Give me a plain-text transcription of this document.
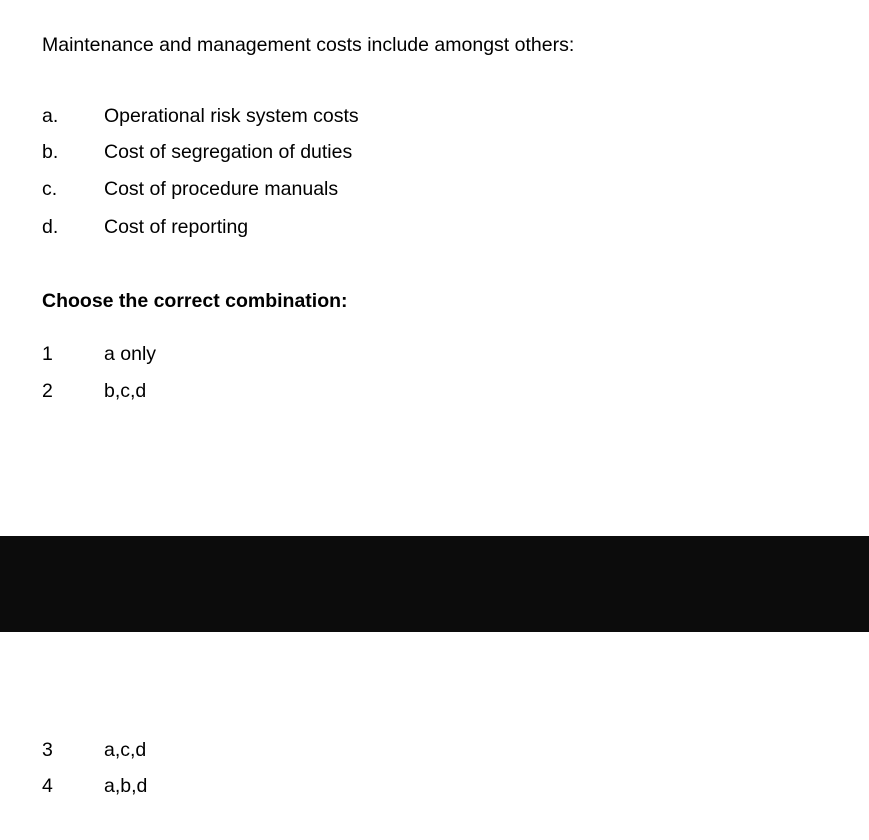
Maintenance and management costs include amongst others:
a. Operational risk system costs
b. Cost of segregation of duties
c. Cost of procedure manuals
d. Cost of reporting
Choose the correct combination:
1	a only
2	b,c,d
3	a,c,d
4	a,b,d
